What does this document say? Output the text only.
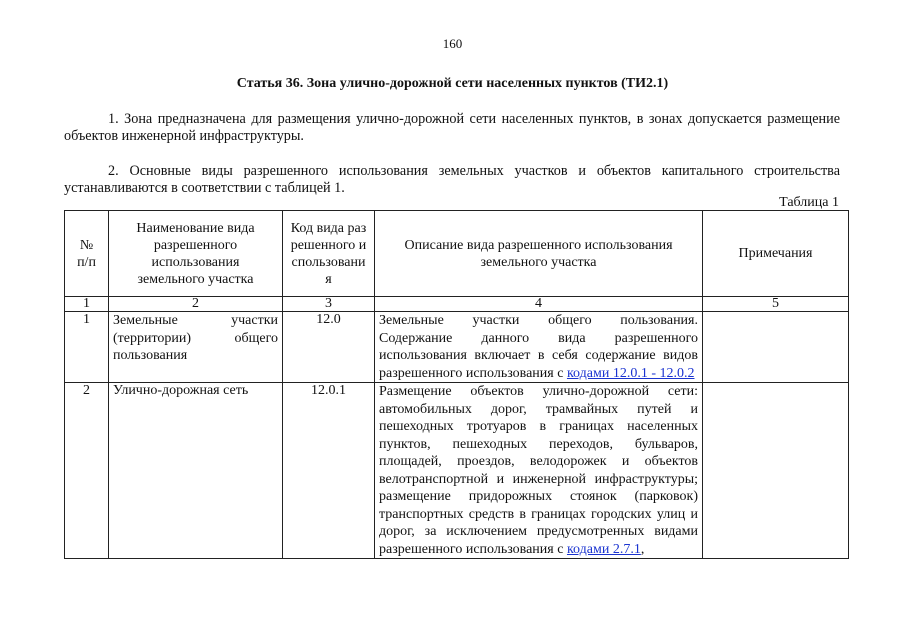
160
Статья 36. Зона улично-дорожной сети населенных пунктов (ТИ2.1)
1. Зона предназначена для размещения улично-дорожной сети населенных пунктов, в зонах допускается размещение объектов инженерной инфраструктуры.
2. Основные виды разрешенного использования земельных участков и объектов капитального строительства устанавливаются в соответствии с таблицей 1.
Таблица 1
№ п/п	Наименование вида разрешенного использования земельного участка	Код вида разрешенного использования	Описание вида разрешенного использования земельного участка	Примечания
1	2	3	4	5
1	Земельные участки (территории) общего пользования	12.0	Земельные участки общего пользования. Содержание данного вида разрешенного использования включает в себя содержание видов разрешенного использования с кодами 12.0.1 - 12.0.2	
2	Улично-дорожная сеть	12.0.1	Размещение объектов улично-дорожной сети: автомобильных дорог, трамвайных путей и пешеходных тротуаров в границах населенных пунктов, пешеходных переходов, бульваров, площадей, проездов, велодорожек и объектов велотранспортной и инженерной инфраструктуры; размещение придорожных стоянок (парковок) транспортных средств в границах городских улиц и дорог, за исключением предусмотренных видами разрешенного использования с кодами 2.7.1,	
